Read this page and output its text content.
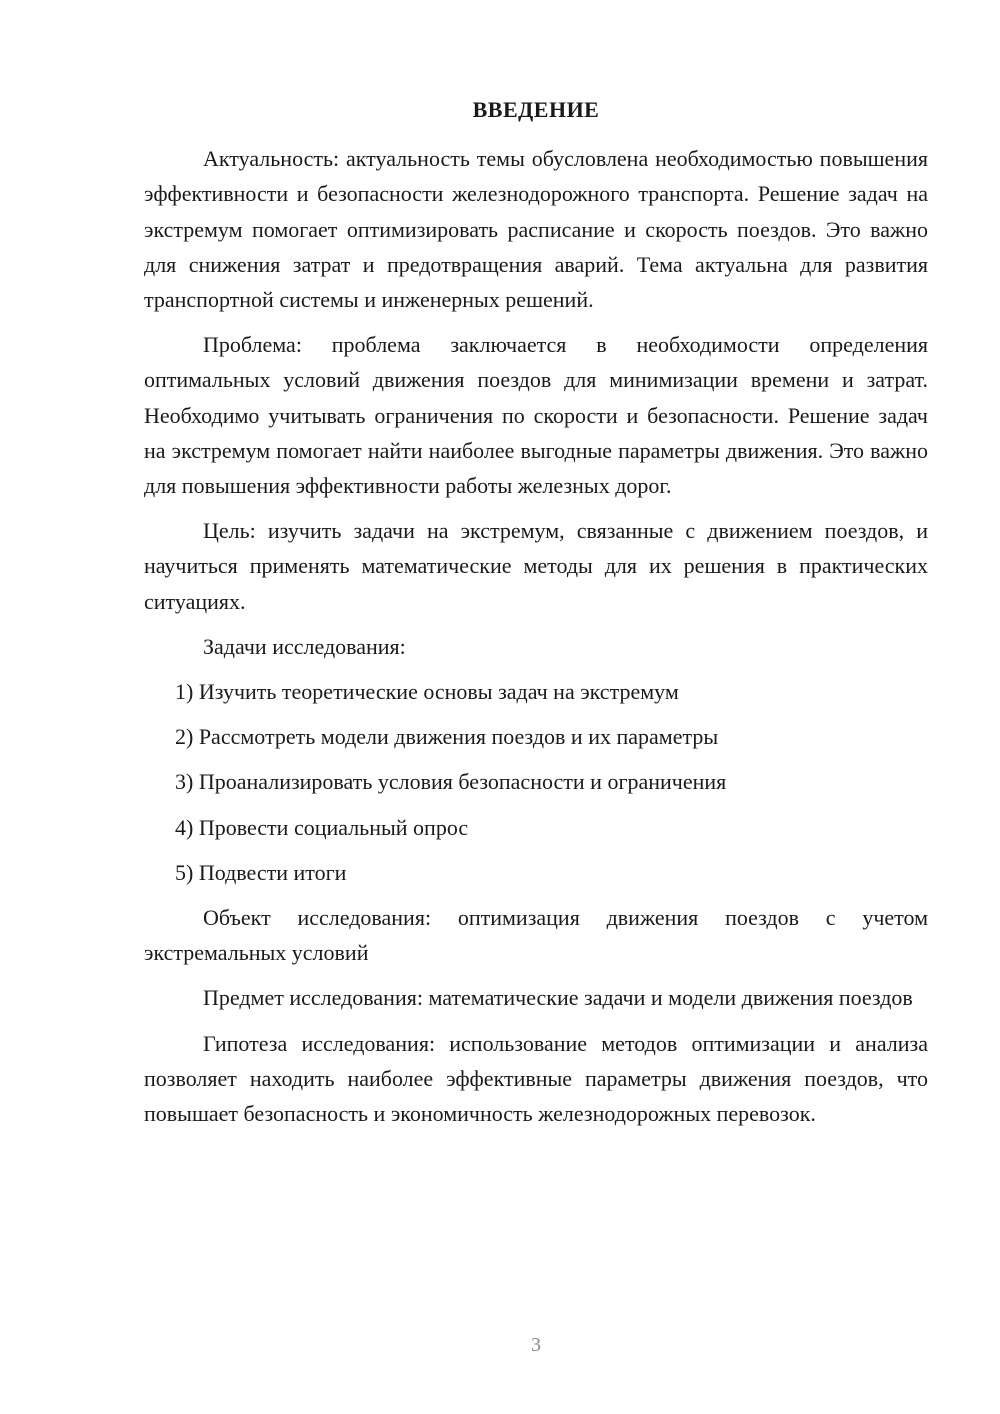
ВВЕДЕНИЕ

Актуальность: актуальность темы обусловлена необходимостью повышения эффективности и безопасности железнодорожного транспорта. Решение задач на экстремум помогает оптимизировать расписание и скорость поездов. Это важно для снижения затрат и предотвращения аварий. Тема актуальна для развития транспортной системы и инженерных решений.

Проблема: проблема заключается в необходимости определения оптимальных условий движения поездов для минимизации времени и затрат. Необходимо учитывать ограничения по скорости и безопасности. Решение задач на экстремум помогает найти наиболее выгодные параметры движения. Это важно для повышения эффективности работы железных дорог.

Цель: изучить задачи на экстремум, связанные с движением поездов, и научиться применять математические методы для их решения в практических ситуациях.

Задачи исследования:

1) Изучить теоретические основы задач на экстремум
2) Рассмотреть модели движения поездов и их параметры
3) Проанализировать условия безопасности и ограничения
4) Провести социальный опрос
5) Подвести итоги

Объект исследования: оптимизация движения поездов с учетом экстремальных условий

Предмет исследования: математические задачи и модели движения поездов

Гипотеза исследования: использование методов оптимизации и анализа позволяет находить наиболее эффективные параметры движения поездов, что повышает безопасность и экономичность железнодорожных перевозок.

3
